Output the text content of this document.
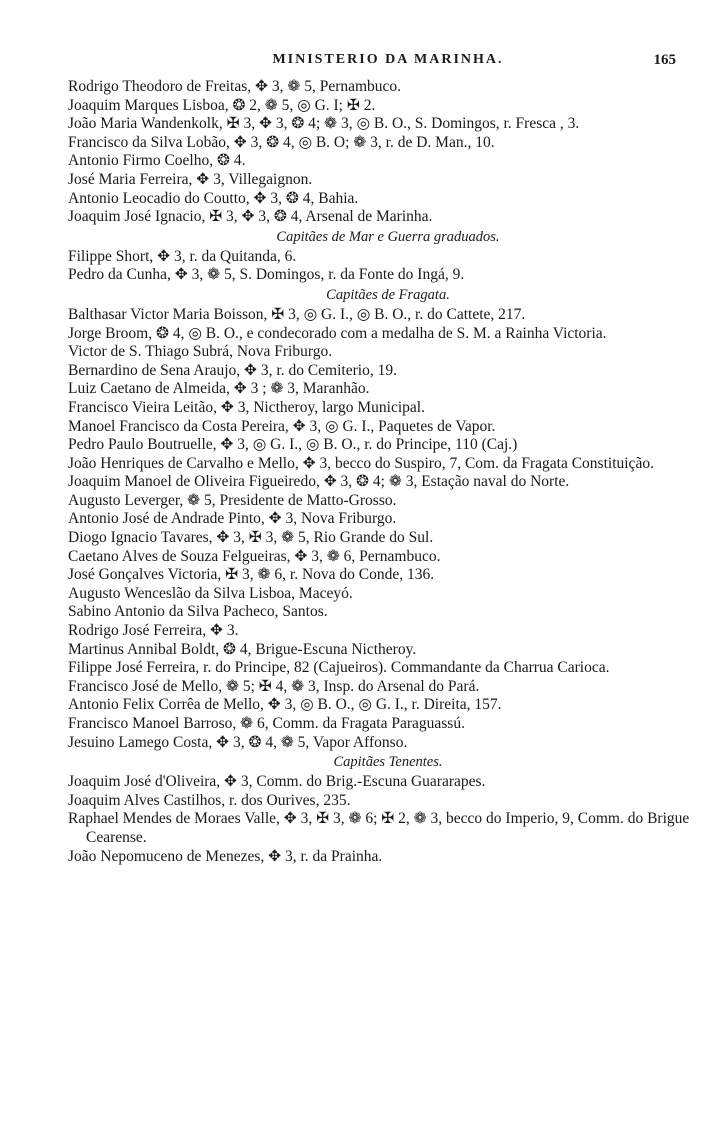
MINISTERIO DA MARINHA.	165
Rodrigo Theodoro de Freitas, ✥ 3, ❁ 5, Pernambuco.
Joaquim Marques Lisboa, ❂ 2, ❁ 5, ◎ G. I; ✠ 2.
João Maria Wandenkolk, ✠ 3, ✥ 3, ❂ 4; ❁ 3, ◎ B. O., S. Domingos, r. Fresca , 3.
Francisco da Silva Lobão, ✥ 3, ❂ 4, ◎ B. O; ❁ 3, r. de D. Man., 10.
Antonio Firmo Coelho, ❂ 4.
José Maria Ferreira, ✥ 3, Villegaignon.
Antonio Leocadio do Coutto, ✥ 3, ❂ 4, Bahia.
Joaquim José Ignacio, ✠ 3, ✥ 3, ❂ 4, Arsenal de Marinha.
Capitães de Mar e Guerra graduados.
Filippe Short, ✥ 3, r. da Quitanda, 6.
Pedro da Cunha, ✥ 3, ❁ 5, S. Domingos, r. da Fonte do Ingá, 9.
Capitães de Fragata.
Balthasar Victor Maria Boisson, ✠ 3, ◎ G. I., ◎ B. O., r. do Cattete, 217.
Jorge Broom, ❂ 4, ◎ B. O., e condecorado com a medalha de S. M. a Rainha Victoria.
Victor de S. Thiago Subrá, Nova Friburgo.
Bernardino de Sena Araujo, ✥ 3, r. do Cemiterio, 19.
Luiz Caetano de Almeida, ✥ 3 ; ❁ 3, Maranhão.
Francisco Vieira Leitão, ✥ 3, Nictheroy, largo Municipal.
Manoel Francisco da Costa Pereira, ✥ 3, ◎ G. I., Paquetes de Vapor.
Pedro Paulo Boutruelle, ✥ 3, ◎ G. I., ◎ B. O., r. do Principe, 110 (Caj.)
João Henriques de Carvalho e Mello, ✥ 3, becco do Suspiro, 7, Com. da Fragata Constituição.
Joaquim Manoel de Oliveira Figueiredo, ✥ 3, ❂ 4; ❁ 3, Estação naval do Norte.
Augusto Leverger, ❁ 5, Presidente de Matto-Grosso.
Antonio José de Andrade Pinto, ✥ 3, Nova Friburgo.
Diogo Ignacio Tavares, ✥ 3, ✠ 3, ❁ 5, Rio Grande do Sul.
Caetano Alves de Souza Felgueiras, ✥ 3, ❁ 6, Pernambuco.
José Gonçalves Victoria, ✠ 3, ❁ 6, r. Nova do Conde, 136.
Augusto Wenceslão da Silva Lisboa, Maceyó.
Sabino Antonio da Silva Pacheco, Santos.
Rodrigo José Ferreira, ✥ 3.
Martinus Annibal Boldt, ❂ 4, Brigue-Escuna Nictheroy.
Filippe José Ferreira, r. do Principe, 82 (Cajueiros). Commandante da Charrua Carioca.
Francisco José de Mello, ❁ 5; ✠ 4, ❁ 3, Insp. do Arsenal do Pará.
Antonio Felix Corrêa de Mello, ✥ 3, ◎ B. O., ◎ G. I., r. Direita, 157.
Francisco Manoel Barroso, ❁ 6, Comm. da Fragata Paraguassú.
Jesuino Lamego Costa, ✥ 3, ❂ 4, ❁ 5, Vapor Affonso.
Capitães Tenentes.
Joaquim José d'Oliveira, ✥ 3, Comm. do Brig.-Escuna Guararapes.
Joaquim Alves Castilhos, r. dos Ourives, 235.
Raphael Mendes de Moraes Valle, ✥ 3, ✠ 3, ❁ 6; ✠ 2, ❁ 3, becco do Imperio, 9, Comm. do Brigue Cearense.
João Nepomuceno de Menezes, ✥ 3, r. da Prainha.
